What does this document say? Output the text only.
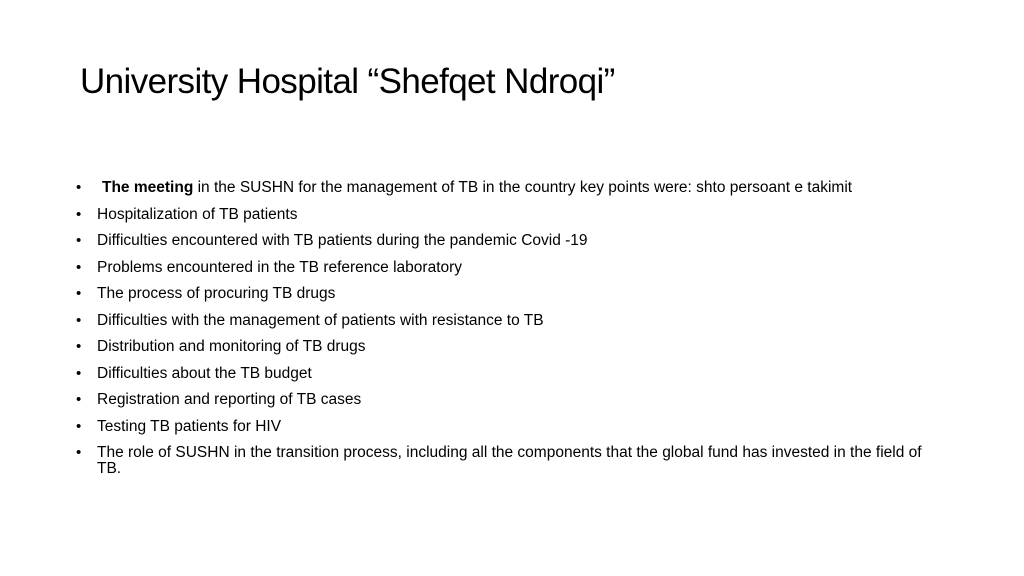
University Hospital “Shefqet Ndroqi”
• The meeting in the SUSHN for the management of TB in the country key points were: shto persoant e takimit
• Hospitalization of TB patients
• Difficulties encountered with TB patients during the pandemic Covid -19
• Problems encountered in the TB reference laboratory
• The process of procuring TB drugs
• Difficulties with the management of patients with resistance to TB
• Distribution and monitoring of TB drugs
• Difficulties about the TB budget
• Registration and reporting of TB cases
• Testing TB patients for HIV
• The role of SUSHN in the transition process, including all the components that the global fund has invested in the field of TB.
